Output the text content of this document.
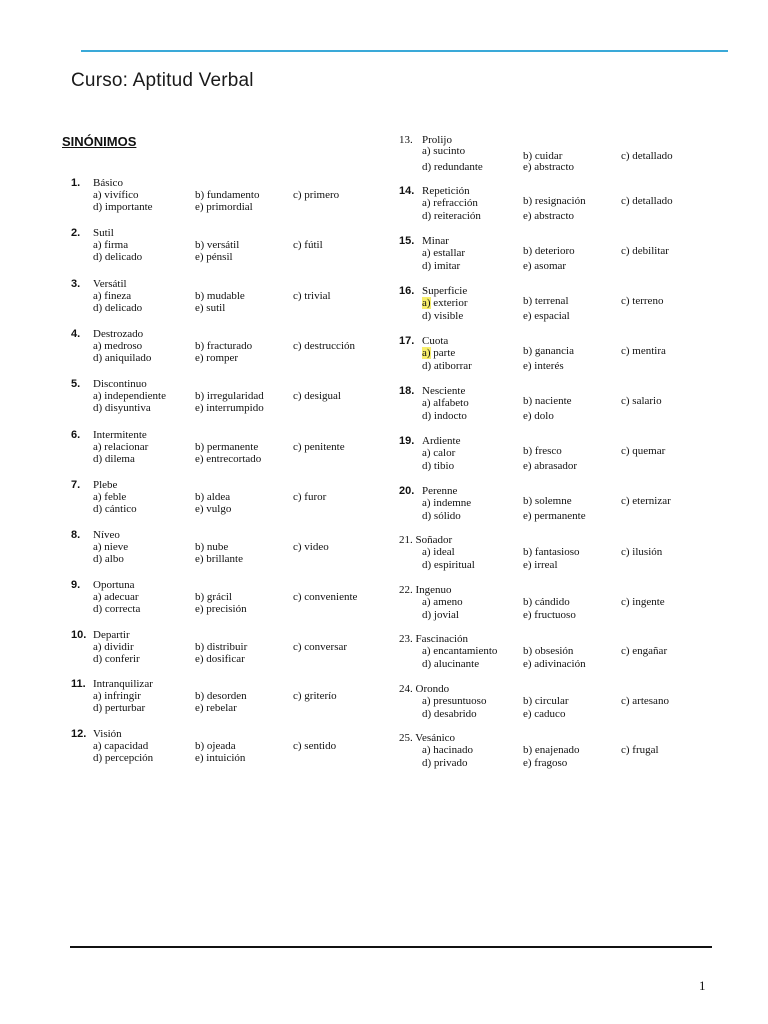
Curso: Aptitud Verbal
SINÓNIMOS
1. Básico
a) vivífico	b) fundamento	c) primero
d) importante	e) primordial
2. Sutil
a) firma	b) versátil	c) fútil
d) delicado	e) pénsil
3. Versátil
a) fineza	b) mudable	c) trivial
d) delicado	e) sutil
4. Destrozado
a) medroso	b) fracturado	c) destrucción
d) aniquilado	e) romper
5. Discontinuo
a) independiente	b) irregularidad	c) desigual
d) disyuntiva	e) interrumpido
6. Intermitente
a) relacionar	b) permanente	c) penitente
d) dilema	e) entrecortado
7. Plebe
a) feble	b) aldea	c) furor
d) cántico	e) vulgo
8. Níveo
a) nieve	b) nube	c) video
d) albo	e) brillante
9. Oportuna
a) adecuar	b) grácil	c) conveniente
d) correcta	e) precisión
10. Departir
a) dividir	b) distribuir	c) conversar
d) conferir	e) dosificar
11. Intranquilizar
a) infringir	b) desorden	c) griterío
d) perturbar	e) rebelar
12. Visión
a) capacidad	b) ojeada	c) sentido
d) percepción	e) intuición
13. Prolijo
a) sucinto	b) cuidar	c) detallado
d) redundante	e) abstracto
14. Repetición
a) refracción	b) resignación	c) detallado
d) reiteración	e) abstracto
15. Minar
a) estallar	b) deterioro	c) debilitar
d) imitar	e) asomar
16. Superficie
a) exterior	b) terrenal	c) terreno
d) visible	e) espacial
17. Cuota
a) parte	b) ganancia	c) mentira
d) atiborrar	e) interés
18. Nesciente
a) alfabeto	b) naciente	c) salario
d) indocto	e) dolo
19. Ardiente
a) calor	b) fresco	c) quemar
d) tibio	e) abrasador
20. Perenne
a) indemne	b) solemne	c) eternizar
d) sólido	e) permanente
21. Soñador
a) ideal	b) fantasioso	c) ilusión
d) espiritual	e) irreal
22. Ingenuo
a) ameno	b) cándido	c) ingente
d) jovial	e) fructuoso
23. Fascinación
a) encantamiento b) obsesión	c) engañar
d) alucinante	e) adivinación
24. Orondo
a) presuntuoso	b) circular	c) artesano
d) desabrido	e) caduco
25. Vesánico
a) hacinado	b) enajenado	c) frugal
d) privado	e) fragoso
1
